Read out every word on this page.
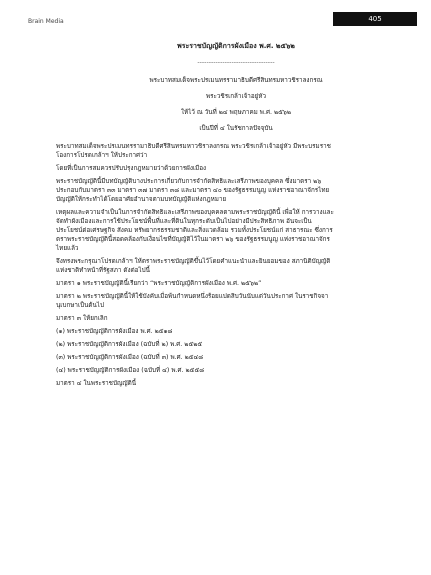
Brain Media	405
พระราชบัญญัติการผังเมือง พ.ศ. ๒๕๖๒
----------------------------------
พระบาทสมเด็จพระปรเมนทรรามาธิบดีศรีสินทรมหาวชิราลงกรณ
พระวชิรเกล้าเจ้าอยู่หัว
ให้ไว้ ณ วันที่ ๒๔ พฤษภาคม พ.ศ. ๒๕๖๒
เป็นปีที่ ๔ ในรัชกาลปัจจุบัน
พระบาทสมเด็จพระปรเมนทรรามาธิบดีศรีสินทรมหาวชิราลงกรณ พระวชิรเกล้าเจ้าอยู่หัว มีพระบรมราช
โองการโปรดเกล้าฯ ให้ประกาศว่า
โดยที่เป็นการสมควรปรับปรุงกฎหมายว่าด้วยการผังเมือง
พระราชบัญญัตินี้มีบทบัญญัติบางประการเกี่ยวกับการจำกัดสิทธิและเสรีภาพของบุคคล ซึ่งมาตรา ๒๖
ประกอบกับมาตรา ๓๓ มาตรา ๓๗ มาตรา ๓๘ และมาตรา ๔๐ ของรัฐธรรมนูญ แห่งราชอาณาจักรไทย
บัญญัติให้กระทำได้โดยอาศัยอำนาจตามบทบัญญัติแห่งกฎหมาย
เหตุผลและความจำเป็นในการจำกัดสิทธิและเสรีภาพของบุคคลตามพระราชบัญญัตินี้ เพื่อให้ การวางและ
จัดทำผังเมืองและการใช้ประโยชน์พื้นที่และที่ดินในทุกระดับเป็นไปอย่างมีประสิทธิภาพ อันจะเป็น
ประโยชน์ต่อเศรษฐกิจ สังคม ทรัพยากรธรรมชาติและสิ่งแวดล้อม รวมทั้งประโยชน์แก่ สาธารณะ ซึ่งการ
ตราพระราชบัญญัตินี้สอดคล้องกับเงื่อนไขที่บัญญัติไว้ในมาตรา ๒๖ ของรัฐธรรมนูญ แห่งราชอาณาจักร
ไทยแล้ว
จึงทรงพระกรุณาโปรดเกล้าฯ ให้ตราพระราชบัญญัติขึ้นไว้โดยคำแนะนำและยินยอมของ สภานิติบัญญัติ
แห่งชาติทำหน้าที่รัฐสภา ดังต่อไปนี้
มาตรา ๑ พระราชบัญญัตินี้เรียกว่า “พระราชบัญญัติการผังเมือง พ.ศ. ๒๕๖๒”
มาตรา ๒ พระราชบัญญัตินี้ให้ใช้บังคับเมื่อพ้นกำหนดหนึ่งร้อยแปดสิบวันนับแต่วันประกาศ ในราชกิจจา
นุเบกษาเป็นต้นไป
มาตรา ๓ ให้ยกเลิก
(๑) พระราชบัญญัติการผังเมือง พ.ศ. ๒๕๑๘
(๒) พระราชบัญญัติการผังเมือง (ฉบับที่ ๒) พ.ศ. ๒๕๒๕
(๓) พระราชบัญญัติการผังเมือง (ฉบับที่ ๓) พ.ศ. ๒๕๔๘
(๔) พระราชบัญญัติการผังเมือง (ฉบับที่ ๔) พ.ศ. ๒๕๕๘
มาตรา ๔ ในพระราชบัญญัตินี้
